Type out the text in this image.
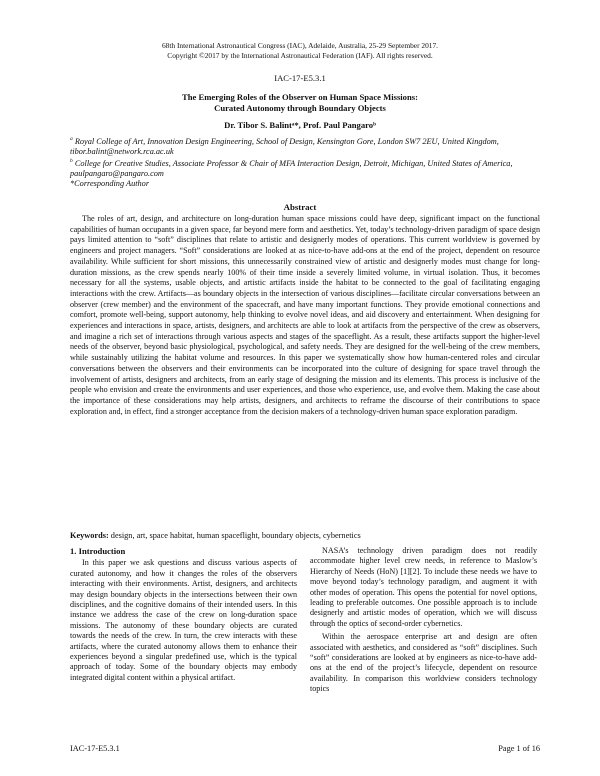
68th International Astronautical Congress (IAC), Adelaide, Australia, 25-29 September 2017.
Copyright ©2017 by the International Astronautical Federation (IAF). All rights reserved.
IAC-17-E5.3.1
The Emerging Roles of the Observer on Human Space Missions:
Curated Autonomy through Boundary Objects
Dr. Tibor S. Balintᵃ*, Prof. Paul Pangaroᵇ
$^a$ Royal College of Art, Innovation Design Engineering, School of Design, Kensington Gore, London SW7 2EU, United Kingdom, tibor.balint@network.rca.ac.uk
$^b$ College for Creative Studies, Associate Professor & Chair of MFA Interaction Design, Detroit, Michigan, United States of America, paulpangaro@pangaro.com
*Corresponding Author
Abstract
The roles of art, design, and architecture on long-duration human space missions could have deep, significant impact on the functional capabilities of human occupants in a given space, far beyond mere form and aesthetics. Yet, today’s technology-driven paradigm of space design pays limited attention to “soft” disciplines that relate to artistic and designerly modes of operations. This current worldview is governed by engineers and project managers. “Soft” considerations are looked at as nice-to-have add-ons at the end of the project, dependent on resource availability. While sufficient for short missions, this unnecessarily constrained view of artistic and designerly modes must change for long-duration missions, as the crew spends nearly 100% of their time inside a severely limited volume, in virtual isolation. Thus, it becomes necessary for all the systems, usable objects, and artistic artifacts inside the habitat to be connected to the goal of facilitating engaging interactions with the crew. Artifacts—as boundary objects in the intersection of various disciplines—facilitate circular conversations between an observer (crew member) and the environment of the spacecraft, and have many important functions. They provide emotional connections and comfort, promote well-being, support autonomy, help thinking to evolve novel ideas, and aid discovery and entertainment. When designing for experiences and interactions in space, artists, designers, and architects are able to look at artifacts from the perspective of the crew as observers, and imagine a rich set of interactions through various aspects and stages of the spaceflight. As a result, these artifacts support the higher-level needs of the observer, beyond basic physiological, psychological, and safety needs. They are designed for the well-being of the crew members, while sustainably utilizing the habitat volume and resources. In this paper we systematically show how human-centered roles and circular conversations between the observers and their environments can be incorporated into the culture of designing for space travel through the involvement of artists, designers and architects, from an early stage of designing the mission and its elements. This process is inclusive of the people who envision and create the environments and user experiences, and those who experience, use, and evolve them. Making the case about the importance of these considerations may help artists, designers, and architects to reframe the discourse of their contributions to space exploration and, in effect, find a stronger acceptance from the decision makers of a technology-driven human space exploration paradigm.
Keywords: design, art, space habitat, human spaceflight, boundary objects, cybernetics
1. Introduction

In this paper we ask questions and discuss various aspects of curated autonomy, and how it changes the roles of the observers interacting with their environments. Artist, designers, and architects may design boundary objects in the intersections between their own disciplines, and the cognitive domains of their intended users. In this instance we address the case of the crew on long-duration space missions. The autonomy of these boundary objects are curated towards the needs of the crew. In turn, the crew interacts with these artifacts, where the curated autonomy allows them to enhance their experiences beyond a singular predefined use, which is the typical approach of today. Some of the boundary objects may embody integrated digital content within a physical artifact.

NASA’s technology driven paradigm does not readily accommodate higher level crew needs, in reference to Maslow’s Hierarchy of Needs (HoN) [1][2]. To include these needs we have to move beyond today’s technology paradigm, and augment it with other modes of operation. This opens the potential for novel options, leading to preferable outcomes. One possible approach is to include designerly and artistic modes of operation, which we will discuss through the optics of second-order cybernetics.

Within the aerospace enterprise art and design are often associated with aesthetics, and considered as “soft” disciplines. Such “soft” considerations are looked at by engineers as nice-to-have add-ons at the end of the project’s lifecycle, dependent on resource availability. In comparison this worldview considers technology topics

IAC-17-E5.3.1	Page 1 of 16
